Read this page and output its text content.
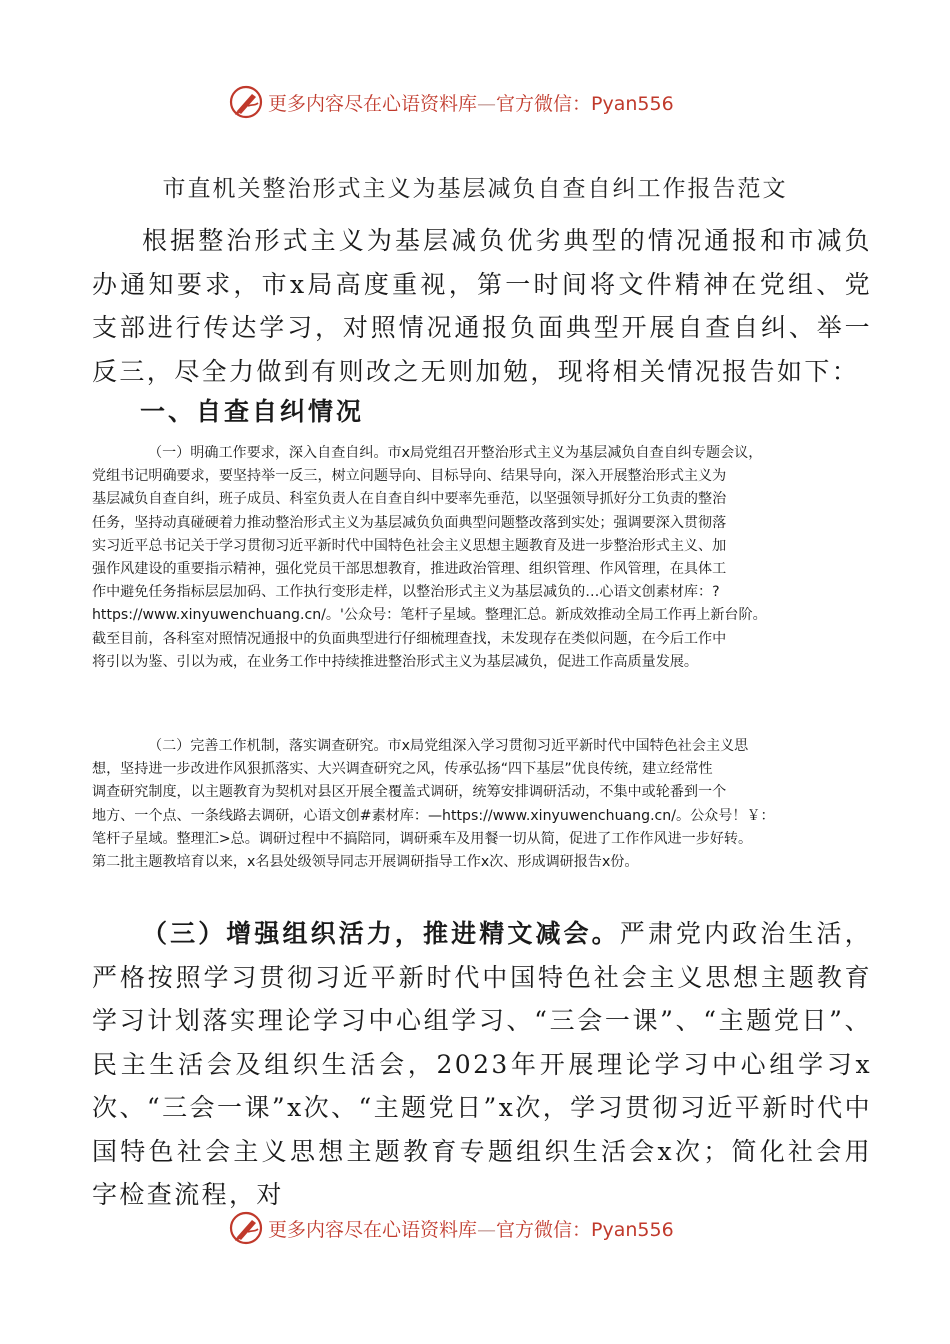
更多内容尽在心语资料库—官方微信：Pyan556
市直机关整治形式主义为基层减负自查自纠工作报告范文

根据整治形式主义为基层减负优劣典型的情况通报和市减负办通知要求，市x局高度重视，第一时间将文件精神在党组、党支部进行传达学习，对照情况通报负面典型开展自查自纠、举一反三，尽全力做到有则改之无则加勉，现将相关情况报告如下：

一、自查自纠情况
（一）明确工作要求，深入自查自纠。市x局党组召开整治形式主义为基层减负自查自纠专题会议，
党组书记明确要求，要坚持举一反三，树立问题导向、目标导向、结果导向，深入开展整治形式主义为
基层减负自查自纠，班子成员、科室负责人在自查自纠中要率先垂范，以坚强领导抓好分工负责的整治
任务，坚持动真碰硬着力推动整治形式主义为基层减负负面典型问题整改落到实处；强调要深入贯彻落
实习近平总书记关于学习贯彻习近平新时代中国特色社会主义思想主题教育及进一步整治形式主义、加
强作风建设的重要指示精神，强化党员干部思想教育，推进政治管理、组织管理、作风管理，在具体工
作中避免任务指标层层加码、工作执行变形走样，以整治形式主义为基层减负的…心语文创素材库：?
https://www.xinyuwenchuang.cn/。'公众号：笔杆子星域。整理汇总。新成效推动全局工作再上新台阶。
截至目前，各科室对照情况通报中的负面典型进行仔细梳理查找，未发现存在类似问题，在今后工作中
将引以为鉴、引以为戒，在业务工作中持续推进整治形式主义为基层减负，促进工作高质量发展。
（二）完善工作机制，落实调查研究。市x局党组深入学习贯彻习近平新时代中国特色社会主义思
想，坚持进一步改进作风狠抓落实、大兴调查研究之风，传承弘扬“四下基层”优良传统，建立经常性
调查研究制度，以主题教育为契机对县区开展全覆盖式调研，统筹安排调研活动，不集中或轮番到一个
地方、一个点、一条线路去调研，心语文创#素材库：—https://www.xinyuwenchuang.cn/。公众号！￥：
笔杆子星域。整理汇>总。调研过程中不搞陪同，调研乘车及用餐一切从简，促进了工作作风进一步好转。
第二批主题教培育以来，x名县处级领导同志开展调研指导工作x次、形成调研报告x份。

（三）增强组织活力，推进精文减会。严肃党内政治生活，严格按照学习贯彻习近平新时代中国特色社会主义思想主题教育学习计划落实理论学习中心组学习、“三会一课”、“主题党日”、民主生活会及组织生活会，2023年开展理论学习中心组学习x次、“三会一课”x次、“主题党日”x次，学习贯彻习近平新时代中国特色社会主义思想主题教育专题组织生活会x次；简化社会用字检查流程，对

更多内容尽在心语资料库—官方微信：Pyan556
